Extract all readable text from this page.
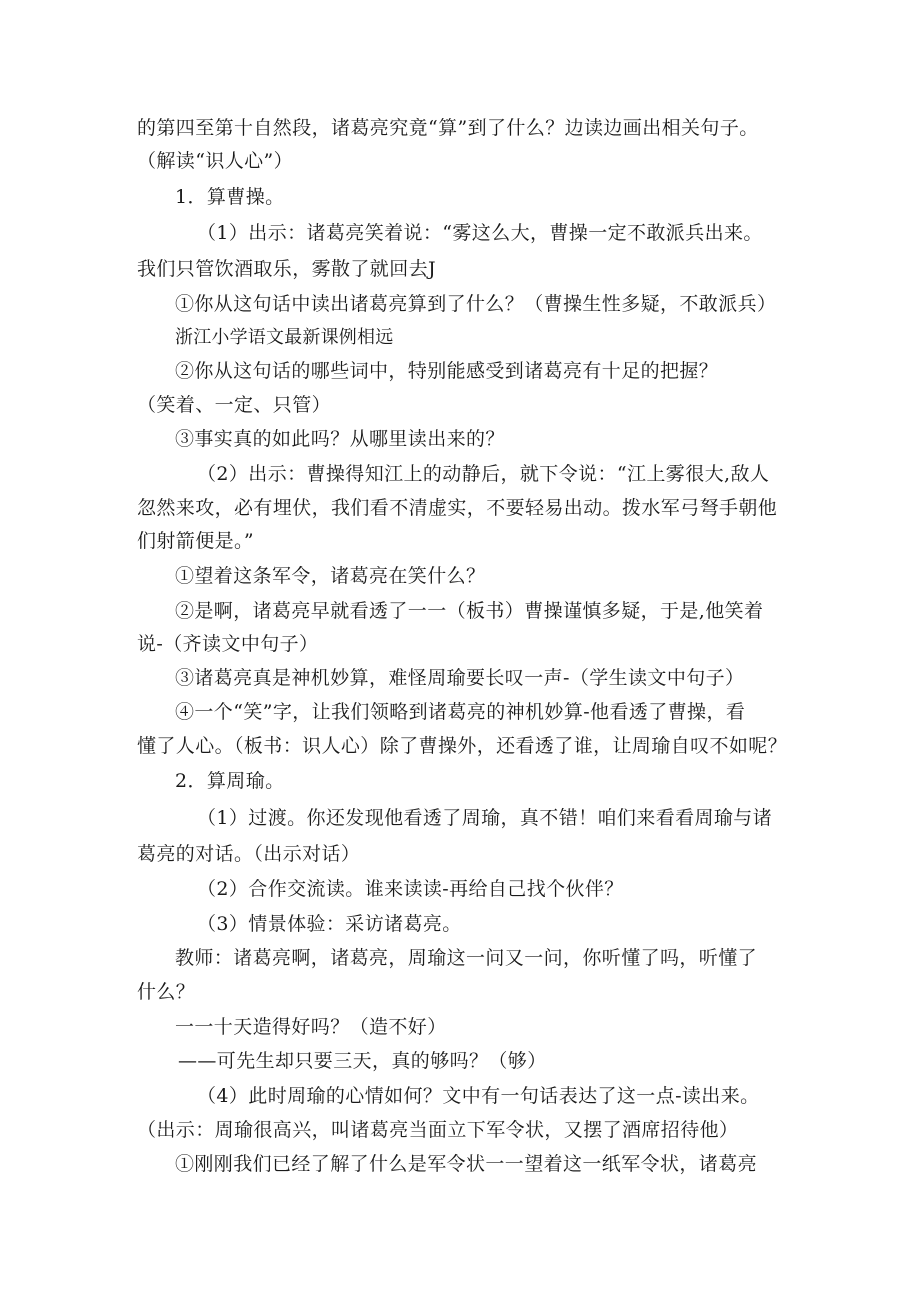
的第四至第十自然段，诸葛亮究竟“算”到了什么？边读边画出相关句子。
（解读“识人心”）
1．算曹操。
（1）出示：诸葛亮笑着说：“雾这么大，曹操一定不敢派兵出来。
我们只管饮酒取乐，雾散了就回去J
①你从这句话中读出诸葛亮算到了什么？（曹操生性多疑，不敢派兵）
浙江小学语文最新课例相远
②你从这句话的哪些词中，特别能感受到诸葛亮有十足的把握？
（笑着、一定、只管）
③事实真的如此吗？从哪里读出来的？
（2）出示：曹操得知江上的动静后，就下令说：“江上雾很大,敌人
忽然来攻，必有埋伏，我们看不清虚实，不要轻易出动。拨水军弓弩手朝他
们射箭便是。”
①望着这条军令，诸葛亮在笑什么？
②是啊，诸葛亮早就看透了一一（板书）曹操谨慎多疑，于是,他笑着
说-（齐读文中句子）
③诸葛亮真是神机妙算，难怪周瑜要长叹一声-（学生读文中句子）
④一个“笑”字，让我们领略到诸葛亮的神机妙算-他看透了曹操，看
懂了人心。（板书：识人心）除了曹操外，还看透了谁，让周瑜自叹不如呢？
2．算周瑜。
（1）过渡。你还发现他看透了周瑜，真不错！咱们来看看周瑜与诸
葛亮的对话。（出示对话）
（2）合作交流读。谁来读读-再给自己找个伙伴？
（3）情景体验：采访诸葛亮。
教师：诸葛亮啊，诸葛亮，周瑜这一问又一问，你听懂了吗，听懂了
什么？
一一十天造得好吗？（造不好）
——可先生却只要三天，真的够吗？（够）
（4）此时周瑜的心情如何？文中有一句话表达了这一点-读出来。
（出示：周瑜很高兴，叫诸葛亮当面立下军令状，又摆了酒席招待他）
①刚刚我们已经了解了什么是军令状一一望着这一纸军令状，诸葛亮
